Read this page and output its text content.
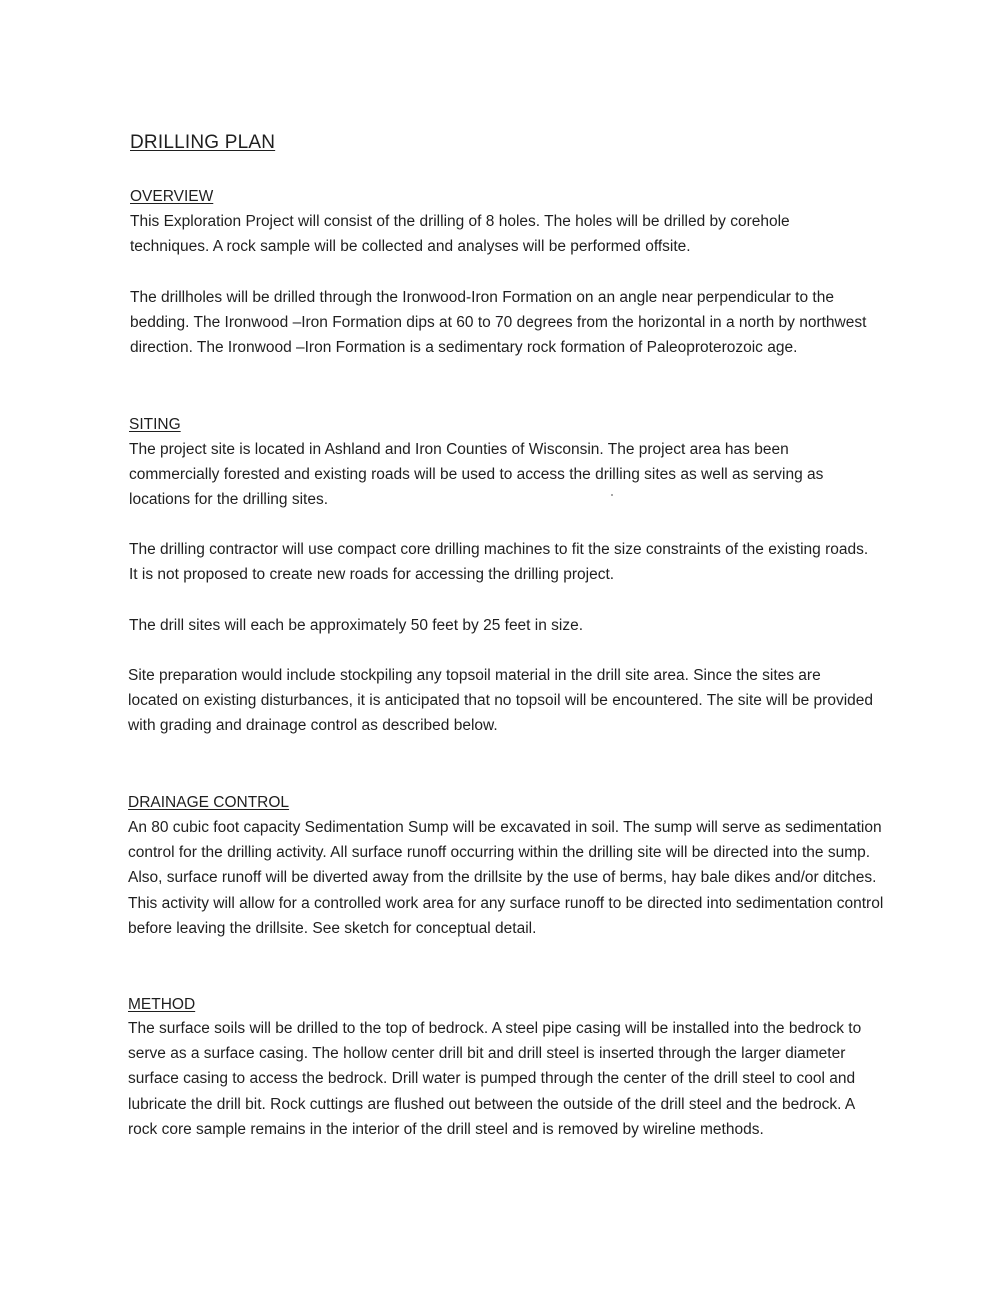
DRILLING PLAN
OVERVIEW

This Exploration Project will consist of the drilling of 8 holes. The holes will be drilled by corehole techniques. A rock sample will be collected and analyses will be performed offsite.

The drillholes will be drilled through the Ironwood-Iron Formation on an angle near perpendicular to the bedding. The Ironwood –Iron Formation dips at 60 to 70 degrees from the horizontal in a north by northwest direction. The Ironwood –Iron Formation is a sedimentary rock formation of Paleoproterozoic age.

SITING

The project site is located in Ashland and Iron Counties of Wisconsin. The project area has been commercially forested and existing roads will be used to access the drilling sites as well as serving as locations for the drilling sites.

The drilling contractor will use compact core drilling machines to fit the size constraints of the existing roads. It is not proposed to create new roads for accessing the drilling project.

The drill sites will each be approximately 50 feet by 25 feet in size.

Site preparation would include stockpiling any topsoil material in the drill site area. Since the sites are located on existing disturbances, it is anticipated that no topsoil will be encountered. The site will be provided with grading and drainage control as described below.

DRAINAGE CONTROL

An 80 cubic foot capacity Sedimentation Sump will be excavated in soil. The sump will serve as sedimentation control for the drilling activity. All surface runoff occurring within the drilling site will be directed into the sump. Also, surface runoff will be diverted away from the drillsite by the use of berms, hay bale dikes and/or ditches. This activity will allow for a controlled work area for any surface runoff to be directed into sedimentation control before leaving the drillsite. See sketch for conceptual detail.

METHOD

The surface soils will be drilled to the top of bedrock. A steel pipe casing will be installed into the bedrock to serve as a surface casing. The hollow center drill bit and drill steel is inserted through the larger diameter surface casing to access the bedrock. Drill water is pumped through the center of the drill steel to cool and lubricate the drill bit. Rock cuttings are flushed out between the outside of the drill steel and the bedrock. A rock core sample remains in the interior of the drill steel and is removed by wireline methods.
